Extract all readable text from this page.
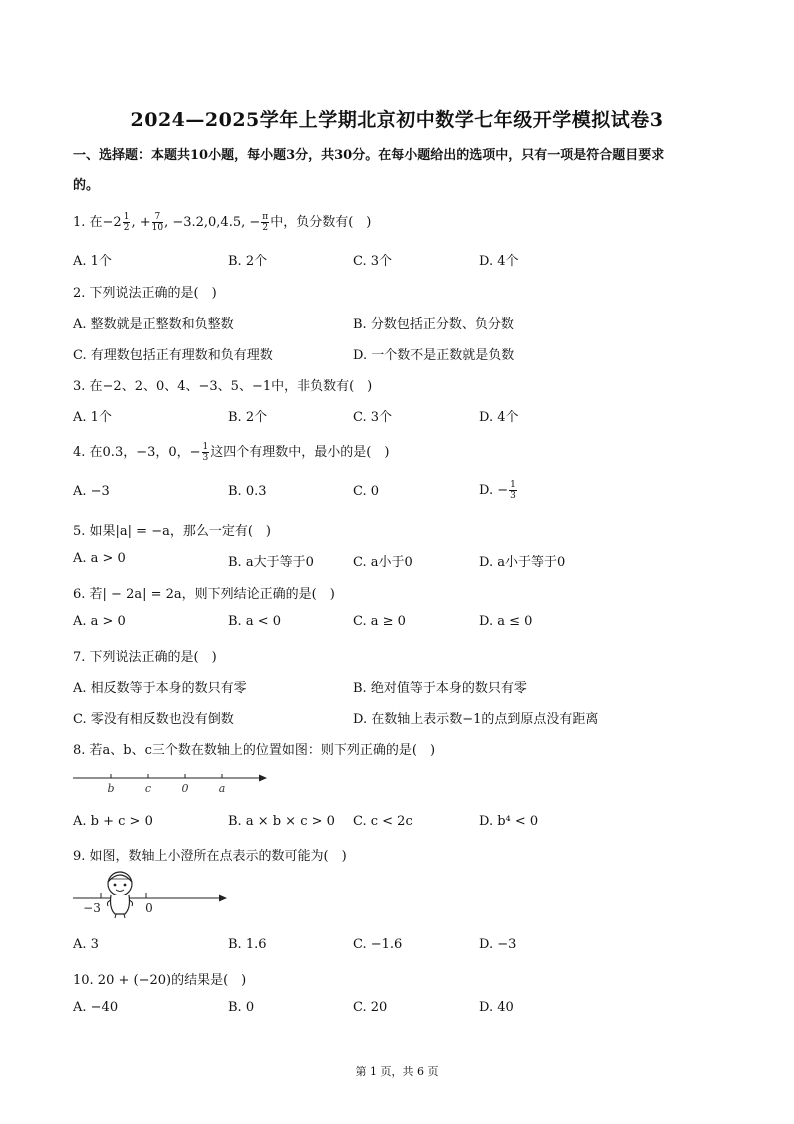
2024—2025学年上学期北京初中数学七年级开学模拟试卷3
一、选择题：本题共10小题，每小题3分，共30分。在每小题给出的选项中，只有一项是符合题目要求
的。
1. 在$-2 \frac{1}{2}$ , + $\frac{7}{10}$ , −3.2,0,4.5, − $\frac{\pi}{2}$ 中，负分数有(　)
A. 1个	B. 2个	C. 3个	D. 4个
2. 下列说法正确的是(　)
A. 整数就是正整数和负整数	B. 分数包括正分数、负分数
C. 有理数包括正有理数和负有理数	D. 一个数不是正数就是负数
3. 在−2、2、0、4、−3、5、−1中，非负数有(　)
A. 1个	B. 2个	C. 3个	D. 4个
4. 在0.3，−3，0，− $\frac{1}{3}$ 这四个有理数中，最小的是(　)
A. −3	B. 0.3	C. 0	D. − $\frac{1}{3}$
5. 如果|a| = −a，那么一定有(　)
A. a > 0	B. a大于等于0	C. a小于0	D. a小于等于0
6. 若| − 2a| = 2a，则下列结论正确的是(　)
A. a > 0	B. a < 0	C. a ≥ 0	D. a ≤ 0
7. 下列说法正确的是(　)
A. 相反数等于本身的数只有零	B. 绝对值等于本身的数只有零
C. 零没有相反数也没有倒数	D. 在数轴上表示数−1的点到原点没有距离
8. 若a、b、c三个数在数轴上的位置如图：则下列正确的是(　)
b	c	0	a
A. b + c > 0	B. a × b × c > 0 C. c < 2c	D. b⁴ < 0
9. 如图，数轴上小澄所在点表示的数可能为(　)
−3	0
A. 3	B. 1.6	C. −1.6	D. −3
10. 20 + (−20)的结果是(　)
A. −40	B. 0	C. 20	D. 40
第 1 页，共 6 页
